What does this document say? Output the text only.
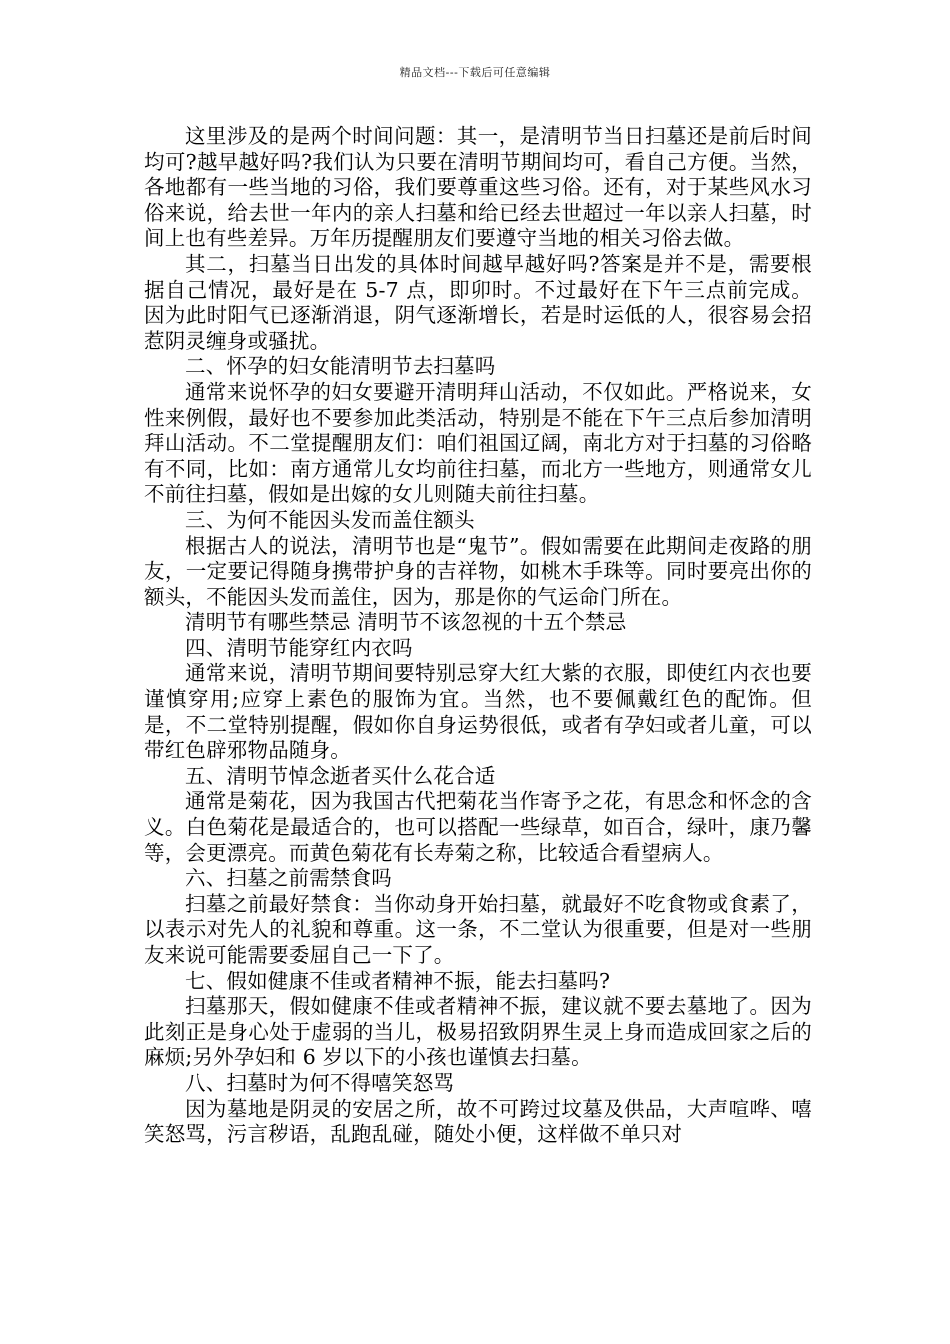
精品文档---下载后可任意编辑

这里涉及的是两个时间问题：其一，是清明节当日扫墓还是前后时间均可?越早越好吗?我们认为只要在清明节期间均可，看自己方便。当然，各地都有一些当地的习俗，我们要尊重这些习俗。还有，对于某些风水习俗来说，给去世一年内的亲人扫墓和给已经去世超过一年以亲人扫墓，时间上也有些差异。万年历提醒朋友们要遵守当地的相关习俗去做。

其二，扫墓当日出发的具体时间越早越好吗?答案是并不是，需要根据自己情况，最好是在 5-7 点，即卯时。不过最好在下午三点前完成。因为此时阳气已逐渐消退，阴气逐渐增长，若是时运低的人，很容易会招惹阴灵缠身或骚扰。

二、怀孕的妇女能清明节去扫墓吗

通常来说怀孕的妇女要避开清明拜山活动，不仅如此。严格说来，女性来例假，最好也不要参加此类活动，特别是不能在下午三点后参加清明拜山活动。不二堂提醒朋友们：咱们祖国辽阔，南北方对于扫墓的习俗略有不同，比如：南方通常儿女均前往扫墓，而北方一些地方，则通常女儿不前往扫墓，假如是出嫁的女儿则随夫前往扫墓。

三、为何不能因头发而盖住额头

根据古人的说法，清明节也是“鬼节”。假如需要在此期间走夜路的朋友，一定要记得随身携带护身的吉祥物，如桃木手珠等。同时要亮出你的额头，不能因头发而盖住，因为，那是你的气运命门所在。

清明节有哪些禁忌 清明节不该忽视的十五个禁忌

四、清明节能穿红内衣吗

通常来说，清明节期间要特别忌穿大红大紫的衣服，即使红内衣也要谨慎穿用;应穿上素色的服饰为宜。当然，也不要佩戴红色的配饰。但是，不二堂特别提醒，假如你自身运势很低，或者有孕妇或者儿童，可以带红色辟邪物品随身。

五、清明节悼念逝者买什么花合适

通常是菊花，因为我国古代把菊花当作寄予之花，有思念和怀念的含义。白色菊花是最适合的，也可以搭配一些绿草，如百合，绿叶，康乃馨等，会更漂亮。而黄色菊花有长寿菊之称，比较适合看望病人。

六、扫墓之前需禁食吗

扫墓之前最好禁食：当你动身开始扫墓，就最好不吃食物或食素了，以表示对先人的礼貌和尊重。这一条，不二堂认为很重要，但是对一些朋友来说可能需要委屈自己一下了。

七、假如健康不佳或者精神不振，能去扫墓吗?

扫墓那天，假如健康不佳或者精神不振，建议就不要去墓地了。因为此刻正是身心处于虚弱的当儿，极易招致阴界生灵上身而造成回家之后的麻烦;另外孕妇和 6 岁以下的小孩也谨慎去扫墓。

八、扫墓时为何不得嘻笑怒骂

因为墓地是阴灵的安居之所，故不可跨过坟墓及供品，大声喧哗、嘻笑怒骂，污言秽语，乱跑乱碰，随处小便，这样做不单只对
